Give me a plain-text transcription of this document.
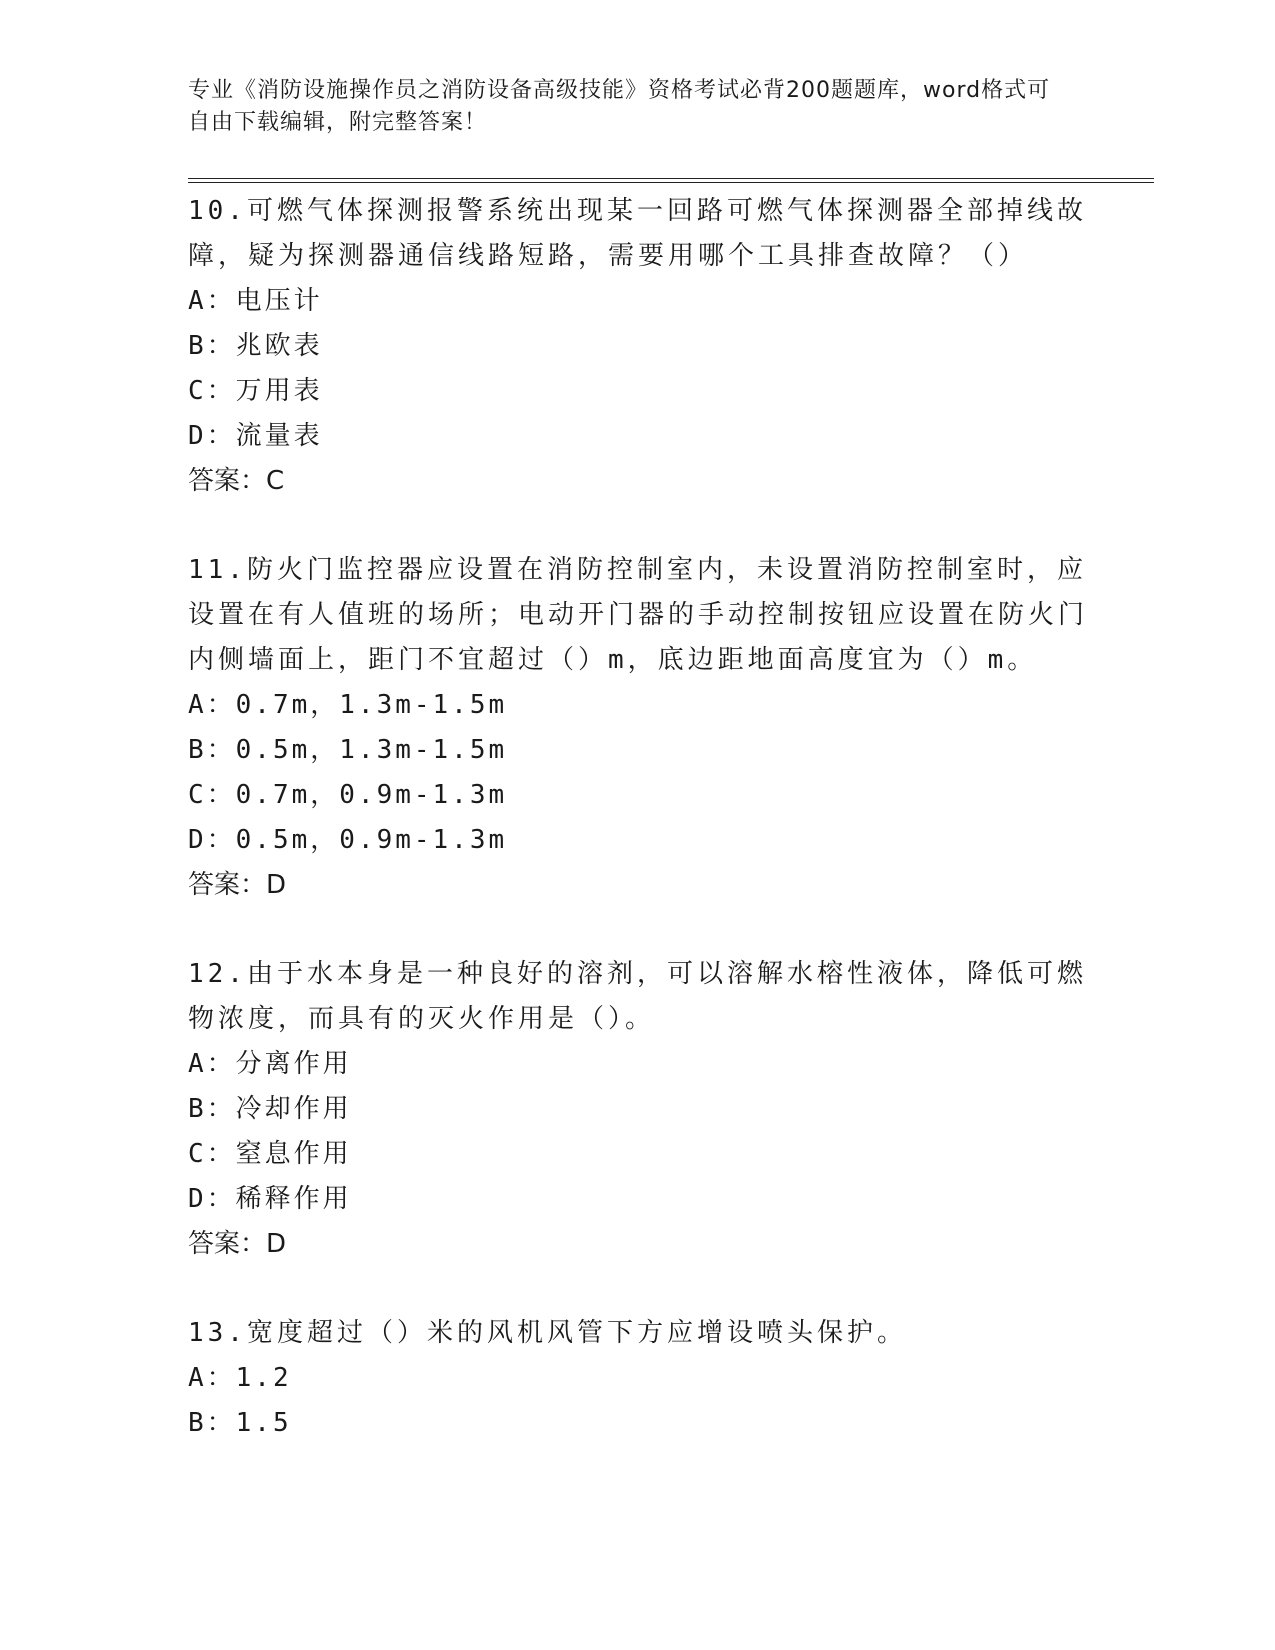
专业《消防设施操作员之消防设备高级技能》资格考试必背200题题库，word格式可自由下载编辑，附完整答案！
10.可燃气体探测报警系统出现某一回路可燃气体探测器全部掉线故障，疑为探测器通信线路短路，需要用哪个工具排查故障？（）
A：电压计
B：兆欧表
C：万用表
D：流量表
答案：C
11.防火门监控器应设置在消防控制室内，未设置消防控制室时，应设置在有人值班的场所；电动开门器的手动控制按钮应设置在防火门内侧墙面上，距门不宜超过（）m，底边距地面高度宜为（）m。
A：0.7m，1.3m-1.5m
B：0.5m，1.3m-1.5m
C：0.7m，0.9m-1.3m
D：0.5m，0.9m-1.3m
答案：D
12.由于水本身是一种良好的溶剂，可以溶解水榕性液体，降低可燃物浓度，而具有的灭火作用是（）。
A：分离作用
B：冷却作用
C：窒息作用
D：稀释作用
答案：D
13.宽度超过（）米的风机风管下方应增设喷头保护。
A：1.2
B：1.5
